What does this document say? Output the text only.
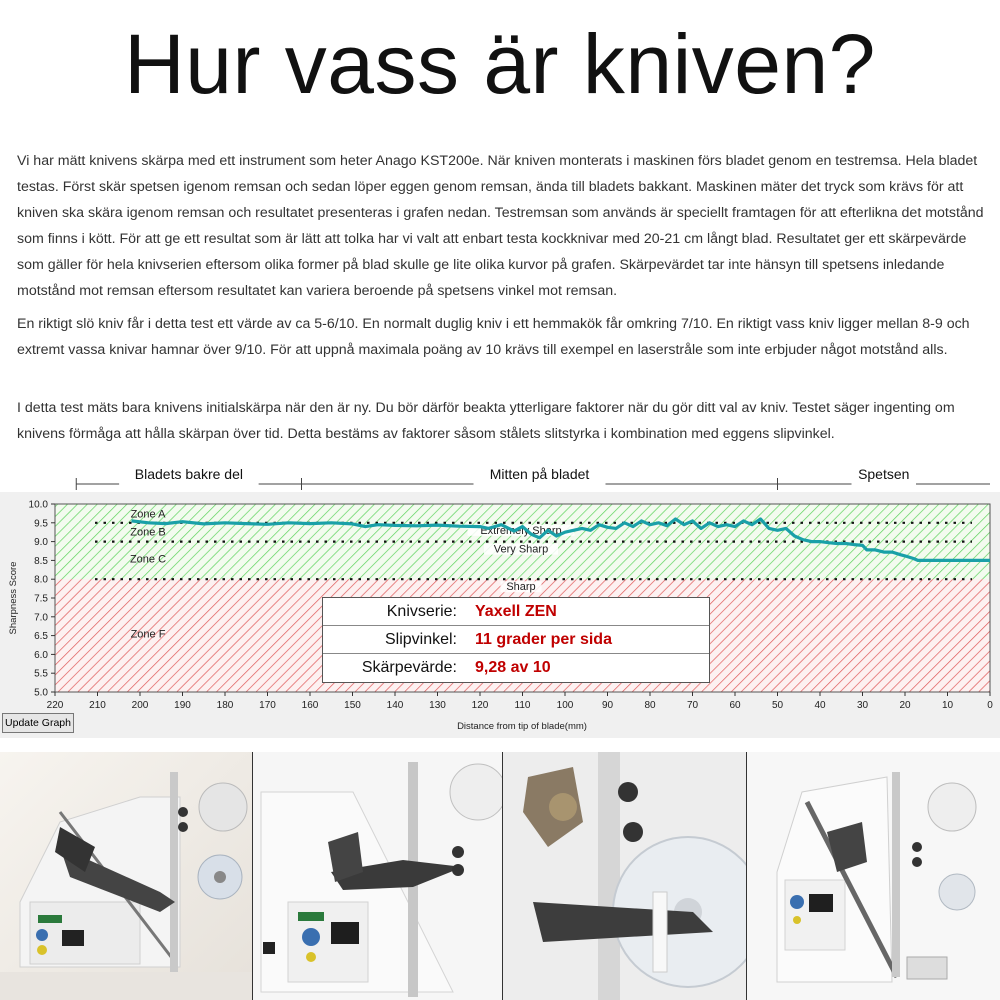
Hur vass är kniven?

Vi har mätt knivens skärpa med ett instrument som heter Anago KST200e. När kniven monterats i maskinen förs bladet genom en testremsa. Hela bladet testas. Först skär spetsen igenom remsan och sedan löper eggen genom remsan, ända till bladets bakkant. Maskinen mäter det tryck som krävs för att kniven ska skära igenom remsan och resultatet presenteras i grafen nedan. Testremsan som används är speciellt framtagen för att efterlikna det motstånd som finns i kött. För att ge ett resultat som är lätt att tolka har vi valt att enbart testa kockknivar med 20-21 cm långt blad. Resultatet ger ett skärpevärde som gäller för hela knivserien eftersom olika former på blad skulle ge lite olika kurvor på grafen. Skärpevärdet tar inte hänsyn till spetsens inledande motstånd mot remsan eftersom resultatet kan variera beroende på spetsens vinkel mot remsan.

En riktigt slö kniv får i detta test ett värde av ca 5-6/10. En normalt duglig kniv i ett hemmakök får omkring 7/10. En riktigt vass kniv ligger mellan 8-9 och extremt vassa knivar hamnar över 9/10. För att uppnå maximala poäng av 10 krävs till exempel en laserstråle som inte erbjuder något motstånd alls.

I detta test mäts bara knivens initialskärpa när den är ny. Du bör därför beakta ytterligare faktorer när du gör ditt val av kniv. Testet säger ingenting om knivens förmåga att hålla skärpan över tid. Detta bestäms av faktorer såsom stålets slitstyrka i kombination med eggens slipvinkel.

Bladets bakre del	Mitten på bladet	Spetsen
Extremely Sharp
Very Sharp
Sharp
Zone A
Zone B
Zone C
Zone F
5.0
5.5
6.0
6.5
7.0
7.5
8.0
8.5
9.0
9.5
10.0
220	210	200	190	180	170	160	150	140	130	120	110	100	90	80	70	60	50	40	30	20	10	0
Distance from tip of blade(mm)
Sharpness Score	Knivserie: Yaxell ZEN
Slipvinkel: 11 grader per sida
Skärpevärde: 9,28 av 10
Update Graph
